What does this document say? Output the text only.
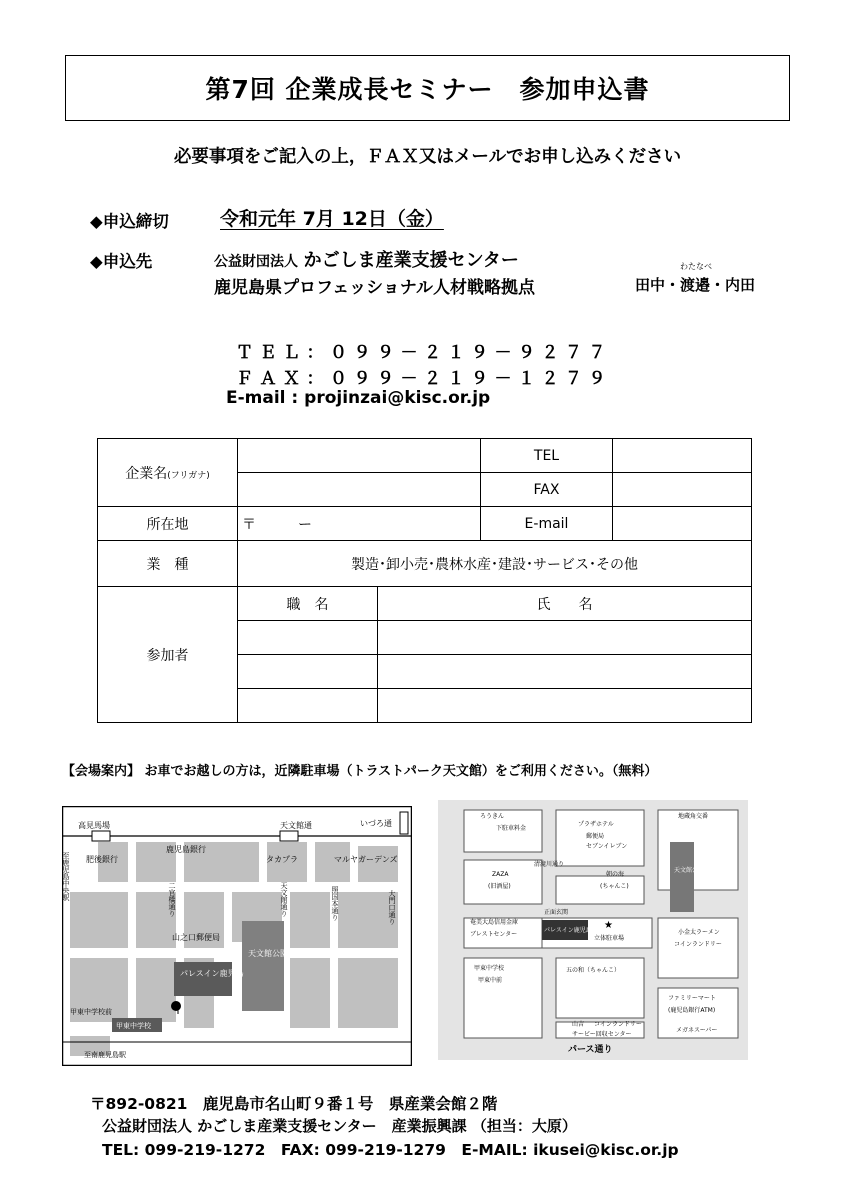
第7回 企業成長セミナー　参加申込書
必要事項をご記入の上，ＦＡＸ又はメールでお申し込みください
◆申込締切	令和元年 7月 12日（金）
◆申込先	公益財団法人 かごしま産業支援センター
鹿児島県プロフェッショナル人材戦略拠点	田中・
わたなべ
渡邉・内田
ＴＥＬ：０９９－２１９－９２７７
ＦＡＸ：０９９－２１９－１２７９
E-mail : projinzai@kisc.or.jp
企業名(フリガナ)			TEL	
			FAX	
所在地	〒　　　ー		E-mail	
業　種	製造･卸小売･農林水産･建設･サービス･その他			
参加者	職　名	氏　　名		

【会場案内】 お車でお越しの方は，近隣駐車場（トラストパーク天文館）をご利用ください。（無料）
高見馬場	天文館通	いづろ通
至鹿児島中央駅
鹿児島銀行
肥後銀行	タカプラ	マルヤガーデンズ
二官橋通り	天文館通り	照国本通り	大門口通り
山之口郵便局
天文館公園
パレスイン鹿児島
甲東中学校前
甲東中学校
至南鹿児島駅
ろうきん
下駐車料金
プラザホテル
郵便局
セブンイレブン
清滝川通り
ZAZA
(旧酒屋)
朝の海
(ちゃんこ)
地蔵角交番
天文館公園
正面玄関
奄美大島信用金庫
ブレストセンター
パレスイン鹿児島 ★
立体駐車場
小金太ラーメン
コインランドリー
甲東中学校
甲東中前
五の和（ちゃんこ）
ファミリーマート
(鹿児島銀行ATM)
山吉 コインランドリー
サービー回収センター
メガネスーパー
パース通り
〒892-0821　鹿児島市名山町９番１号　県産業会館２階
公益財団法人 かごしま産業支援センター　産業振興課 （担当：大原）
TEL: 099-219-1272　FAX: 099-219-1279　E-MAIL: ikusei@kisc.or.jp
